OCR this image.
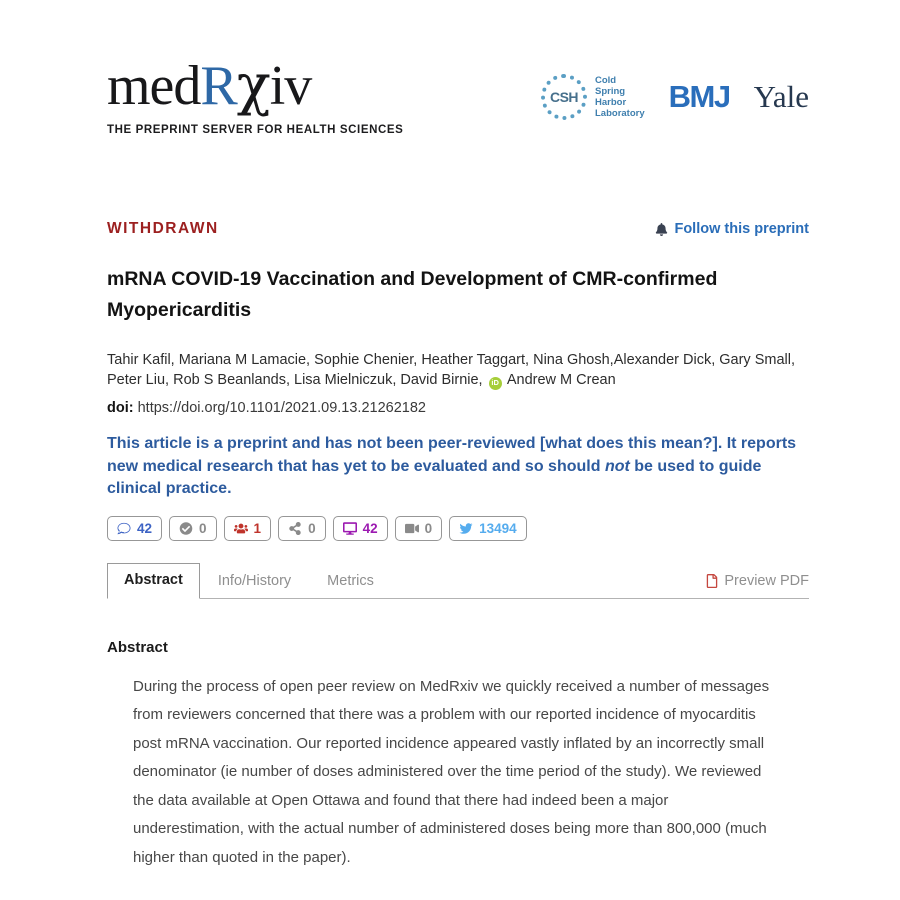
medRχiv
THE PREPRINT SERVER FOR HEALTH SCIENCES
CSH
Cold
Spring
Harbor
Laboratory BMJ Yale
WITHDRAWN	Follow this preprint
mRNA COVID-19 Vaccination and Development of CMR-confirmed Myopericarditis
Tahir Kafil, Mariana M Lamacie, Sophie Chenier, Heather Taggart, Nina Ghosh,Alexander Dick, Gary Small, Peter Liu, Rob S Beanlands, Lisa Mielniczuk, David Birnie, iD Andrew M Crean
doi: https://doi.org/10.1101/2021.09.13.21262182
This article is a preprint and has not been peer-reviewed [what does this mean?]. It reports new medical research that has yet to be evaluated and so should not be used to guide clinical practice.
42	0	1	0	42	0	13494
Abstract	Info/History	Metrics	Preview PDF
Abstract
During the process of open peer review on MedRxiv we quickly received a number of messages from reviewers concerned that there was a problem with our reported incidence of myocarditis post mRNA vaccination. Our reported incidence appeared vastly inflated by an incorrectly small denominator (ie number of doses administered over the time period of the study). We reviewed the data available at Open Ottawa and found that there had indeed been a major underestimation, with the actual number of administered doses being more than 800,000 (much higher than quoted in the paper).
